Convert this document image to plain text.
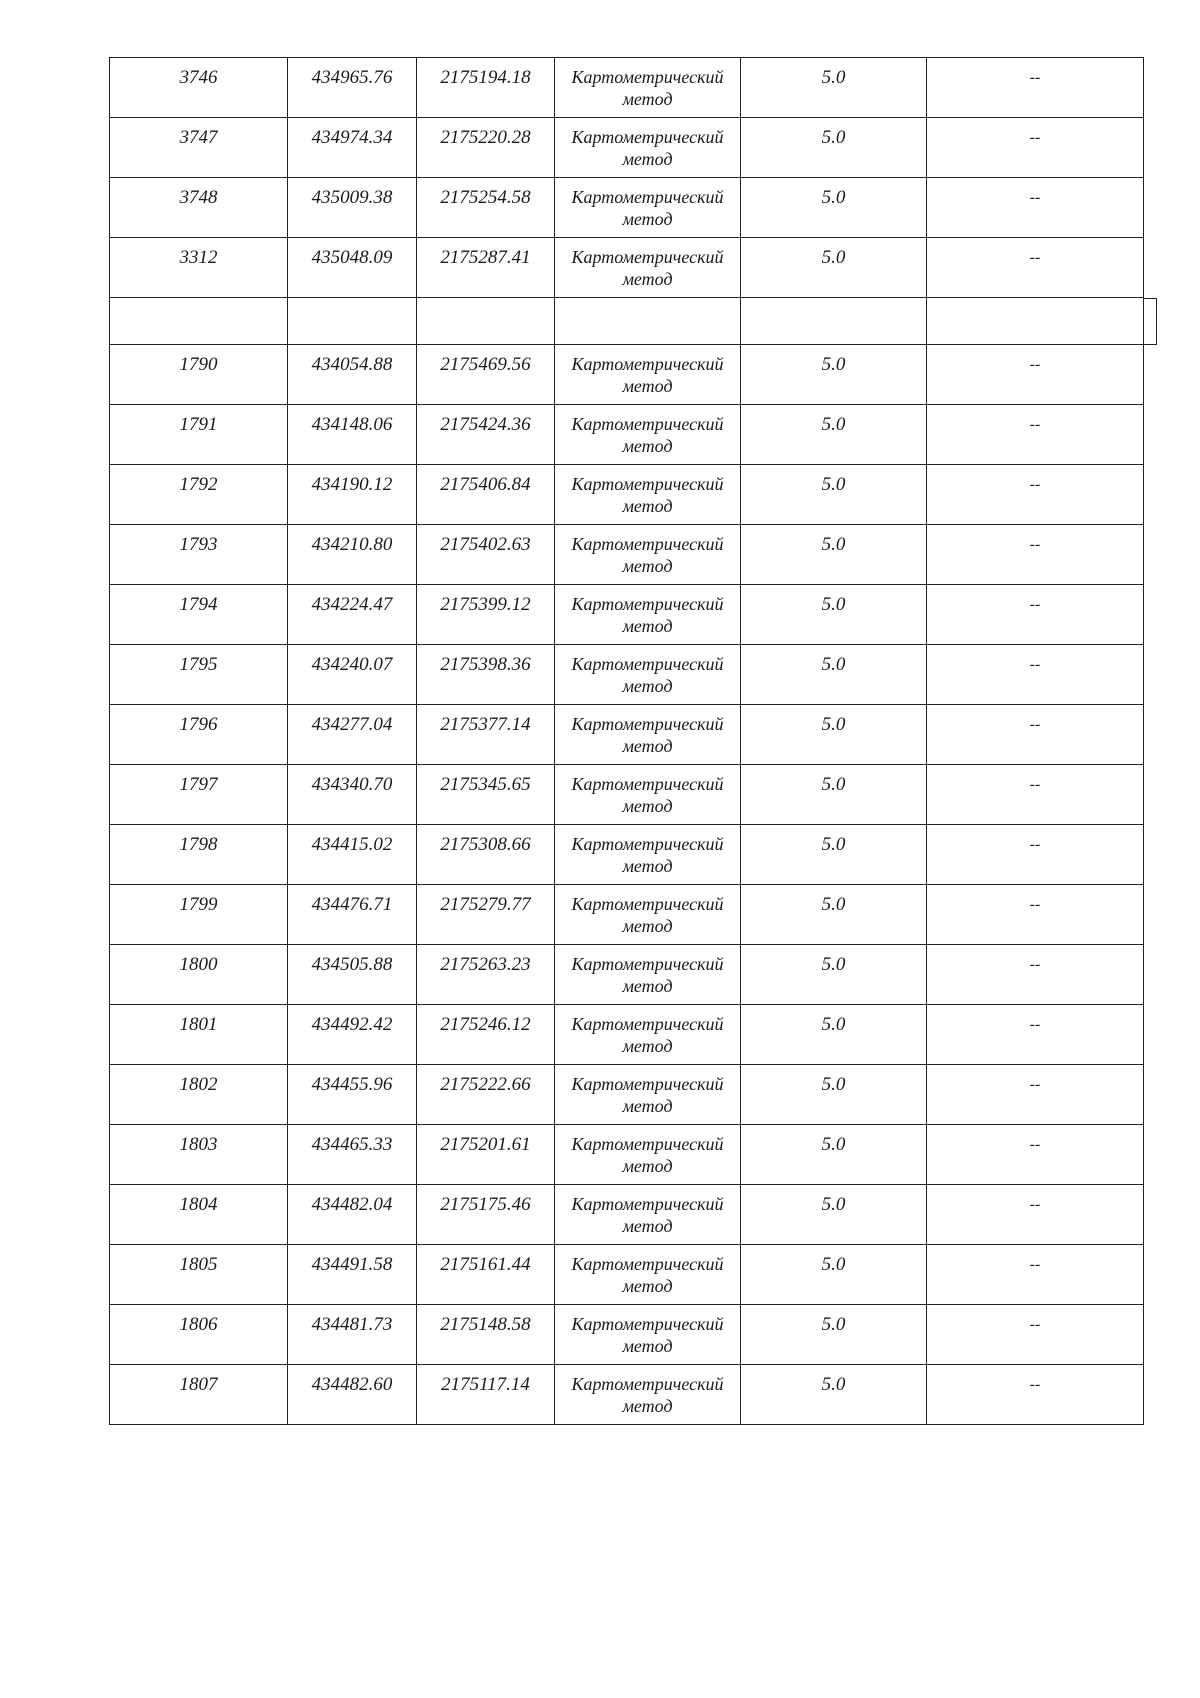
3746	434965.76	2175194.18	Картометрический метод	5.0	--
3747	434974.34	2175220.28	Картометрический метод	5.0	--
3748	435009.38	2175254.58	Картометрический метод	5.0	--
3312	435048.09	2175287.41	Картометрический метод	5.0	--

1790	434054.88	2175469.56	Картометрический метод	5.0	--
1791	434148.06	2175424.36	Картометрический метод	5.0	--
1792	434190.12	2175406.84	Картометрический метод	5.0	--
1793	434210.80	2175402.63	Картометрический метод	5.0	--
1794	434224.47	2175399.12	Картометрический метод	5.0	--
1795	434240.07	2175398.36	Картометрический метод	5.0	--
1796	434277.04	2175377.14	Картометрический метод	5.0	--
1797	434340.70	2175345.65	Картометрический метод	5.0	--
1798	434415.02	2175308.66	Картометрический метод	5.0	--
1799	434476.71	2175279.77	Картометрический метод	5.0	--
1800	434505.88	2175263.23	Картометрический метод	5.0	--
1801	434492.42	2175246.12	Картометрический метод	5.0	--
1802	434455.96	2175222.66	Картометрический метод	5.0	--
1803	434465.33	2175201.61	Картометрический метод	5.0	--
1804	434482.04	2175175.46	Картометрический метод	5.0	--
1805	434491.58	2175161.44	Картометрический метод	5.0	--
1806	434481.73	2175148.58	Картометрический метод	5.0	--
1807	434482.60	2175117.14	Картометрический метод	5.0	--
